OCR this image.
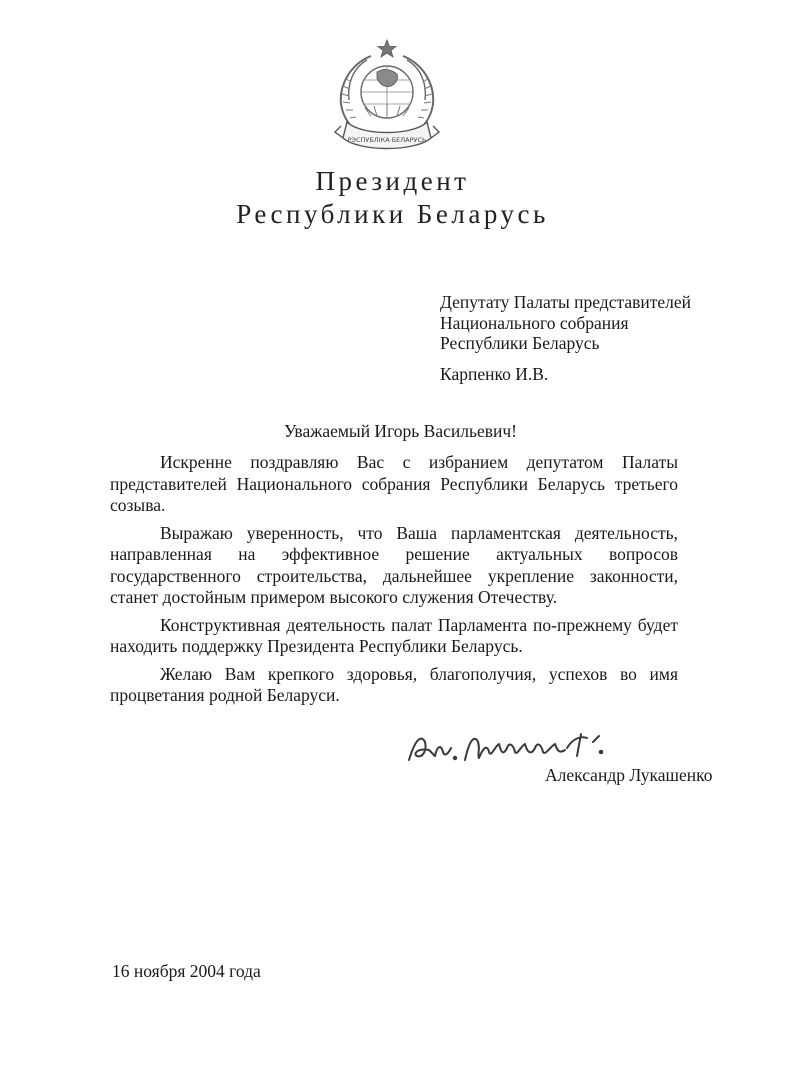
РЭСПУБЛІКА БЕЛАРУСЬ
Президент
Республики Беларусь
Депутату Палаты представителей
Национального собрания
Республики Беларусь
Карпенко И.В.
Уважаемый Игорь Васильевич!

Искренне поздравляю Вас с избранием депутатом Палаты представителей Национального собрания Республики Беларусь третьего созыва.

Выражаю уверенность, что Ваша парламентская деятельность, направленная на эффективное решение актуальных вопросов государственного строительства, дальнейшее укрепление законности, станет достойным примером высокого служения Отечеству.

Конструктивная деятельность палат Парламента по-прежнему будет находить поддержку Президента Республики Беларусь.

Желаю Вам крепкого здоровья, благополучия, успехов во имя процветания родной Беларуси.

Александр Лукашенко
16 ноября 2004 года
